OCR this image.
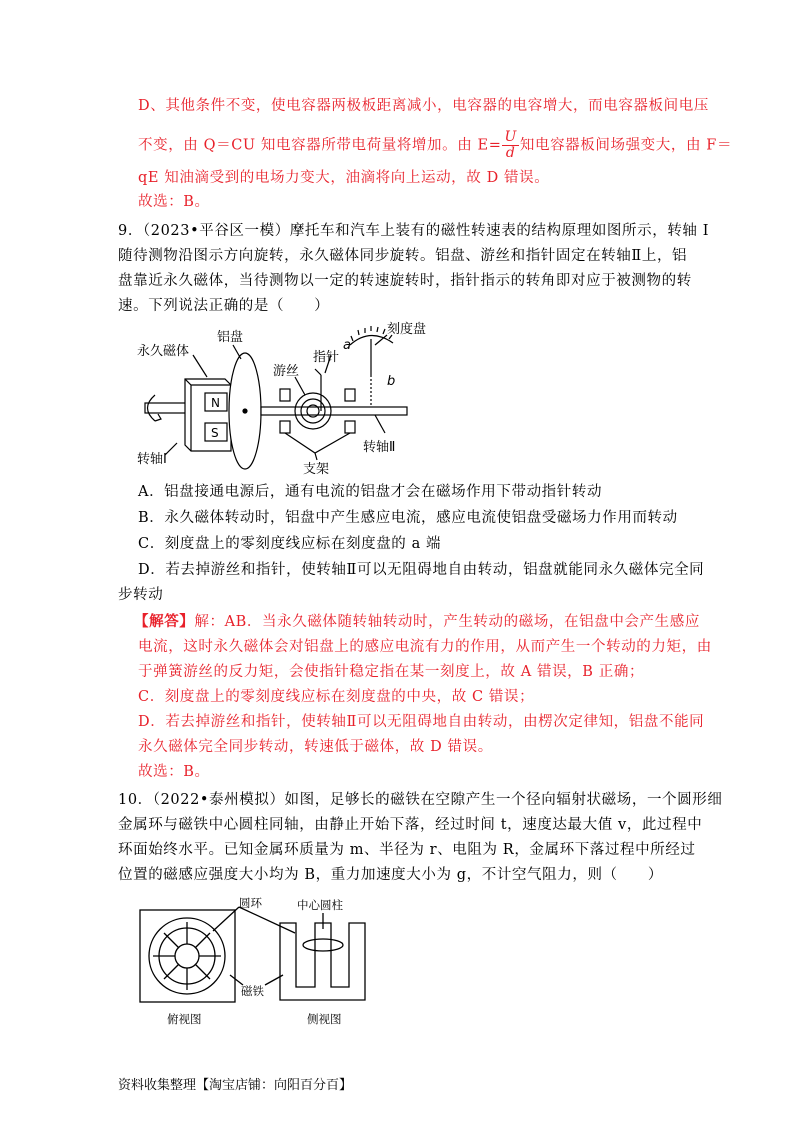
D、其他条件不变，使电容器两极板距离减小，电容器的电容增大，而电容器板间电压
不变，由 Q＝CU 知电容器所带电荷量将增加。由 $E= \frac{U}{d}$ 知电容器板间场强变大，由 F＝
qE 知油滴受到的电场力变大，油滴将向上运动，故 D 错误。
故选：B。
9．（2023•平谷区一模）摩托车和汽车上装有的磁性转速表的结构原理如图所示，转轴 I
随待测物沿图示方向旋转，永久磁体同步旋转。铝盘、游丝和指针固定在转轴Ⅱ上，铝
盘靠近永久磁体，当待测物以一定的转速旋转时，指针指示的转角即对应于被测物的转
速。下列说法正确的是（　　）
永久磁体
铝盘
游丝
指针
刻度盘
a
b
N
S
转轴I
转轴Ⅱ
支架
A．铝盘接通电源后，通有电流的铝盘才会在磁场作用下带动指针转动
B．永久磁体转动时，铝盘中产生感应电流，感应电流使铝盘受磁场力作用而转动
C．刻度盘上的零刻度线应标在刻度盘的 a 端
D．若去掉游丝和指针，使转轴Ⅱ可以无阻碍地自由转动，铝盘就能同永久磁体完全同
步转动
【解答】解：AB．当永久磁体随转轴转动时，产生转动的磁场，在铝盘中会产生感应
电流，这时永久磁体会对铝盘上的感应电流有力的作用，从而产生一个转动的力矩，由
于弹簧游丝的反力矩，会使指针稳定指在某一刻度上，故 A 错误，B 正确；
C．刻度盘上的零刻度线应标在刻度盘的中央，故 C 错误；
D．若去掉游丝和指针，使转轴Ⅱ可以无阻碍地自由转动，由楞次定律知，铝盘不能同
永久磁体完全同步转动，转速低于磁体，故 D 错误。
故选：B。
10．（2022•泰州模拟）如图，足够长的磁铁在空隙产生一个径向辐射状磁场，一个圆形细
金属环与磁铁中心圆柱同轴，由静止开始下落，经过时间 t，速度达最大值 v，此过程中
环面始终水平。已知金属环质量为 m、半径为 r、电阻为 R，金属环下落过程中所经过
位置的磁感应强度大小均为 B，重力加速度大小为 g，不计空气阻力，则（　　）
圆环	中心圆柱
磁铁
俯视图	侧视图
资料收集整理【淘宝店铺：向阳百分百】
